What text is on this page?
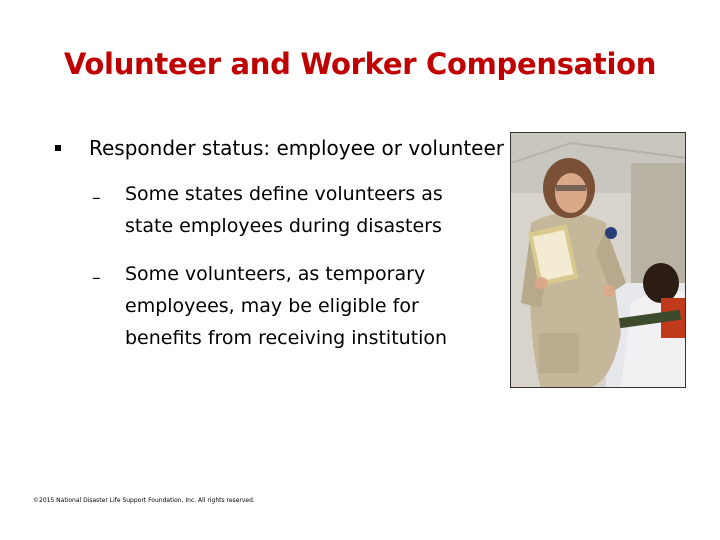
Volunteer and Worker Compensation
Responder status: employee or volunteer
– Some states define volunteers as state employees during disasters
– Some volunteers, as temporary employees, may be eligible for benefits from receiving institution
©2015 National Disaster Life Support Foundation, Inc. All rights reserved.
